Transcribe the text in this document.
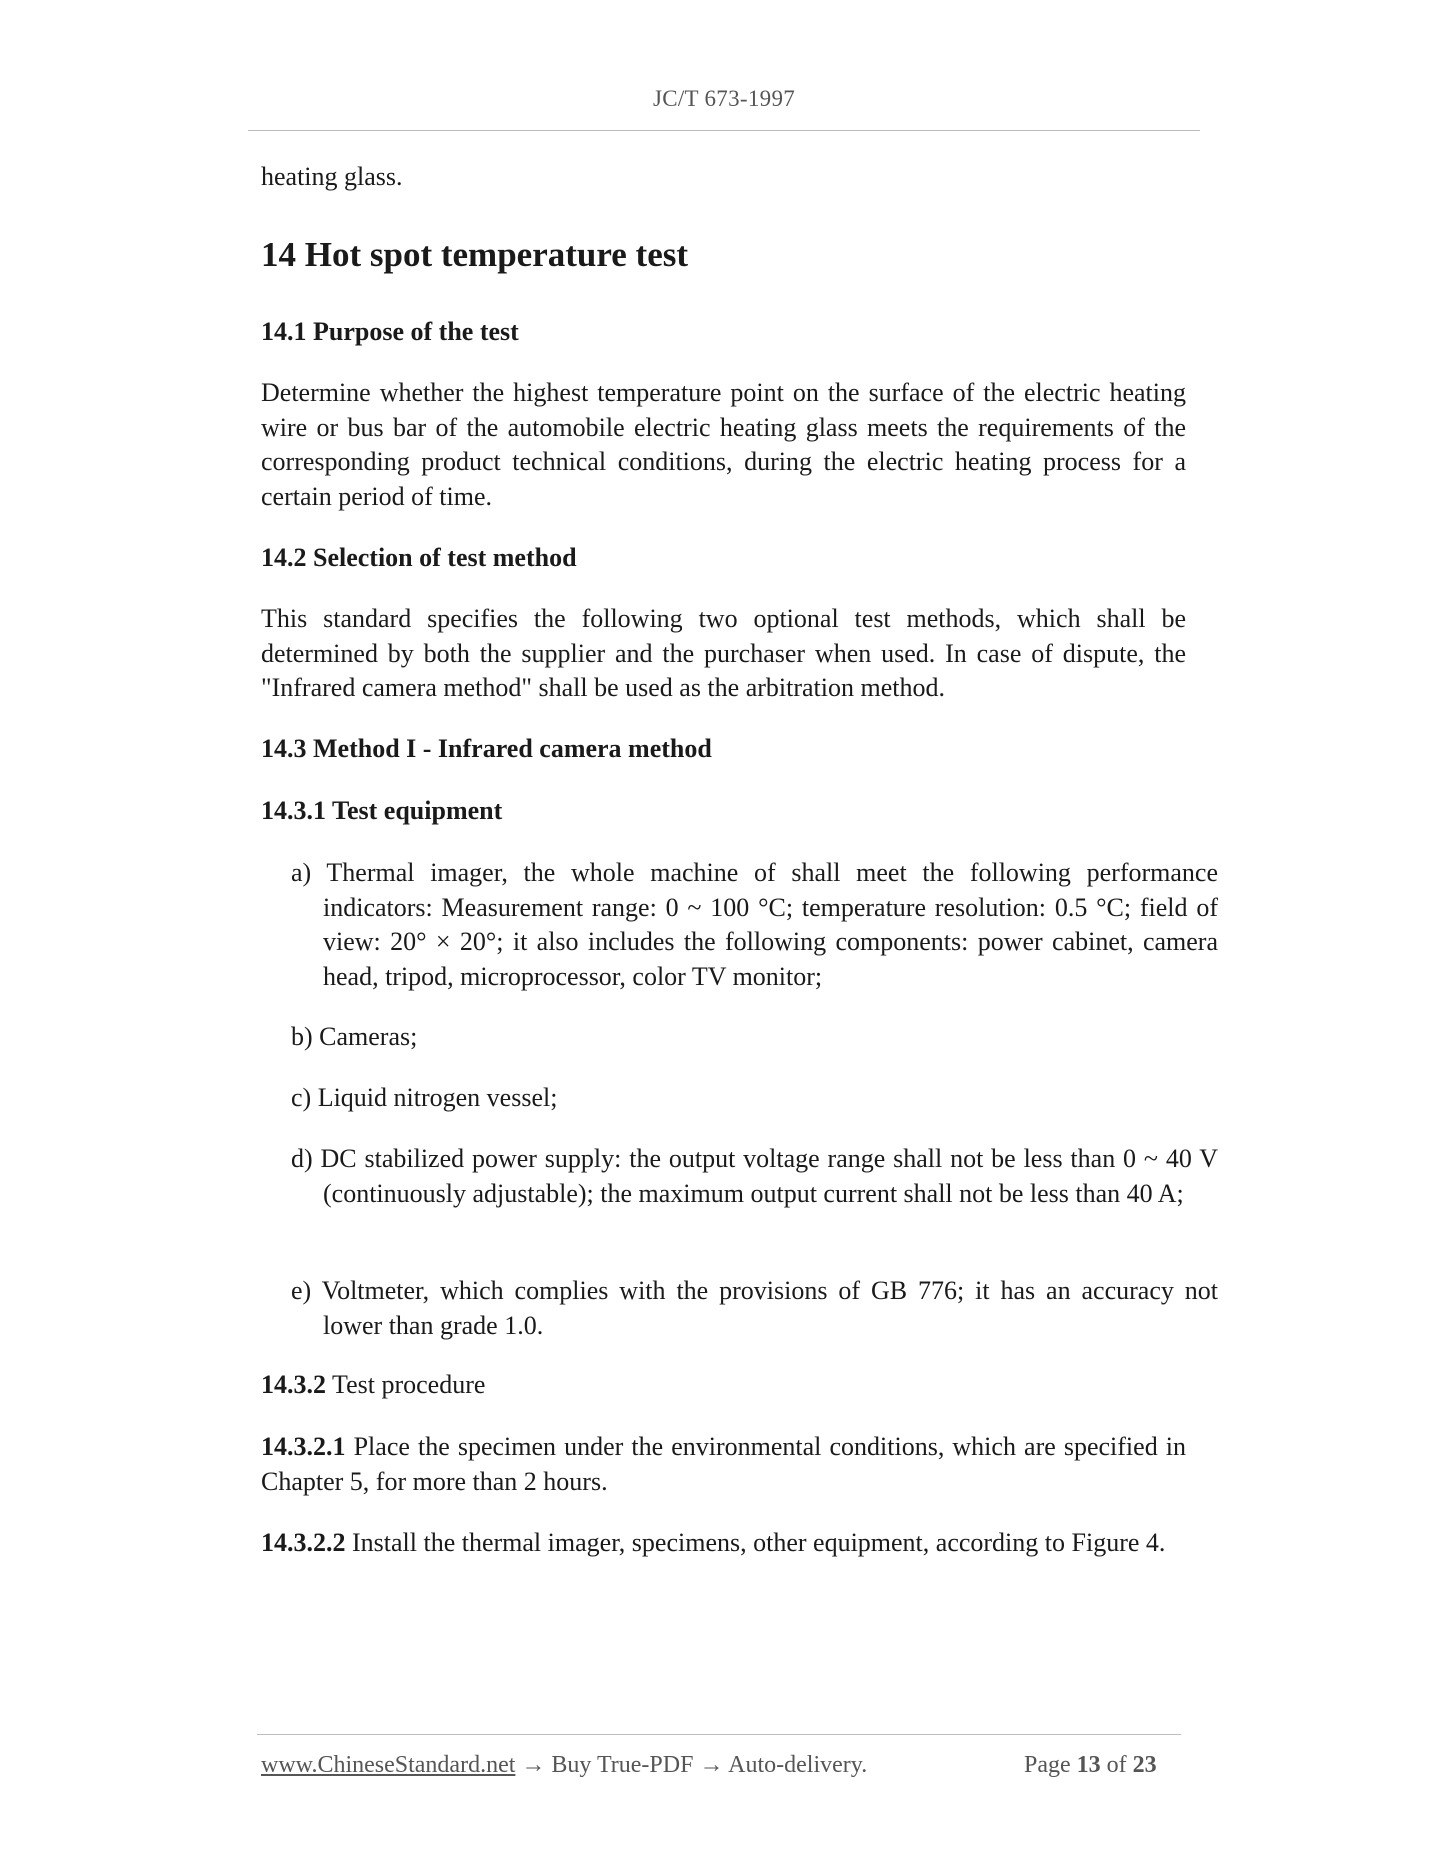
JC/T 673-1997

heating glass.

14 Hot spot temperature test
14.1 Purpose of the test

Determine whether the highest temperature point on the surface of the electric heating wire or bus bar of the automobile electric heating glass meets the requirements of the corresponding product technical conditions, during the electric heating process for a certain period of time.

14.2 Selection of test method

This standard specifies the following two optional test methods, which shall be determined by both the supplier and the purchaser when used. In case of dispute, the "Infrared camera method" shall be used as the arbitration method.

14.3 Method I - Infrared camera method
14.3.1 Test equipment

a) Thermal imager, the whole machine of shall meet the following performance indicators: Measurement range: 0 ~ 100 °C; temperature resolution: 0.5 °C; field of view: 20° × 20°; it also includes the following components: power cabinet, camera head, tripod, microprocessor, color TV monitor;

b) Cameras;

c) Liquid nitrogen vessel;

d) DC stabilized power supply: the output voltage range shall not be less than 0 ~ 40 V (continuously adjustable); the maximum output current shall not be less than 40 A;

e) Voltmeter, which complies with the provisions of GB 776; it has an accuracy not lower than grade 1.0.

14.3.2 Test procedure

14.3.2.1 Place the specimen under the environmental conditions, which are specified in Chapter 5, for more than 2 hours.

14.3.2.2 Install the thermal imager, specimens, other equipment, according to Figure 4.

www.ChineseStandard.net → Buy True-PDF → Auto-delivery.	Page 13 of 23
